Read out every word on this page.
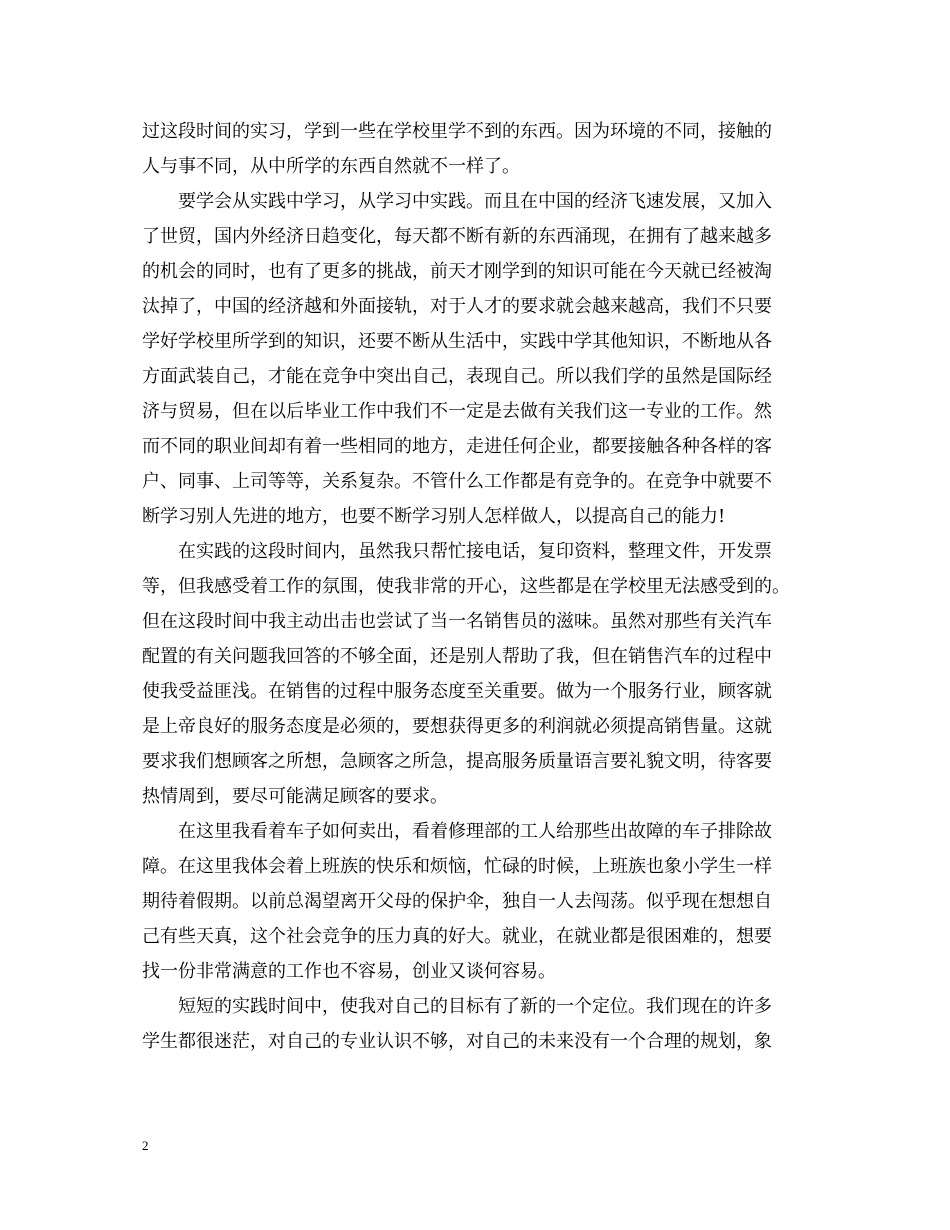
过这段时间的实习，学到一些在学校里学不到的东西。因为环境的不同，接触的
人与事不同，从中所学的东西自然就不一样了。
要学会从实践中学习，从学习中实践。而且在中国的经济飞速发展，又加入
了世贸，国内外经济日趋变化，每天都不断有新的东西涌现，在拥有了越来越多
的机会的同时，也有了更多的挑战，前天才刚学到的知识可能在今天就已经被淘
汰掉了，中国的经济越和外面接轨，对于人才的要求就会越来越高，我们不只要
学好学校里所学到的知识，还要不断从生活中，实践中学其他知识，不断地从各
方面武装自己，才能在竞争中突出自己，表现自己。所以我们学的虽然是国际经
济与贸易，但在以后毕业工作中我们不一定是去做有关我们这一专业的工作。然
而不同的职业间却有着一些相同的地方，走进任何企业，都要接触各种各样的客
户、同事、上司等等，关系复杂。不管什么工作都是有竞争的。在竞争中就要不
断学习别人先进的地方，也要不断学习别人怎样做人，以提高自己的能力!
在实践的这段时间内，虽然我只帮忙接电话，复印资料，整理文件，开发票
等，但我感受着工作的氛围，使我非常的开心，这些都是在学校里无法感受到的。
但在这段时间中我主动出击也尝试了当一名销售员的滋味。虽然对那些有关汽车
配置的有关问题我回答的不够全面，还是别人帮助了我，但在销售汽车的过程中
使我受益匪浅。在销售的过程中服务态度至关重要。做为一个服务行业，顾客就
是上帝良好的服务态度是必须的，要想获得更多的利润就必须提高销售量。这就
要求我们想顾客之所想，急顾客之所急，提高服务质量语言要礼貌文明，待客要
热情周到，要尽可能满足顾客的要求。
在这里我看着车子如何卖出，看着修理部的工人给那些出故障的车子排除故
障。在这里我体会着上班族的快乐和烦恼，忙碌的时候，上班族也象小学生一样
期待着假期。以前总渴望离开父母的保护伞，独自一人去闯荡。似乎现在想想自
己有些天真，这个社会竞争的压力真的好大。就业，在就业都是很困难的，想要
找一份非常满意的工作也不容易，创业又谈何容易。
短短的实践时间中，使我对自己的目标有了新的一个定位。我们现在的许多
学生都很迷茫，对自己的专业认识不够，对自己的未来没有一个合理的规划，象
2
